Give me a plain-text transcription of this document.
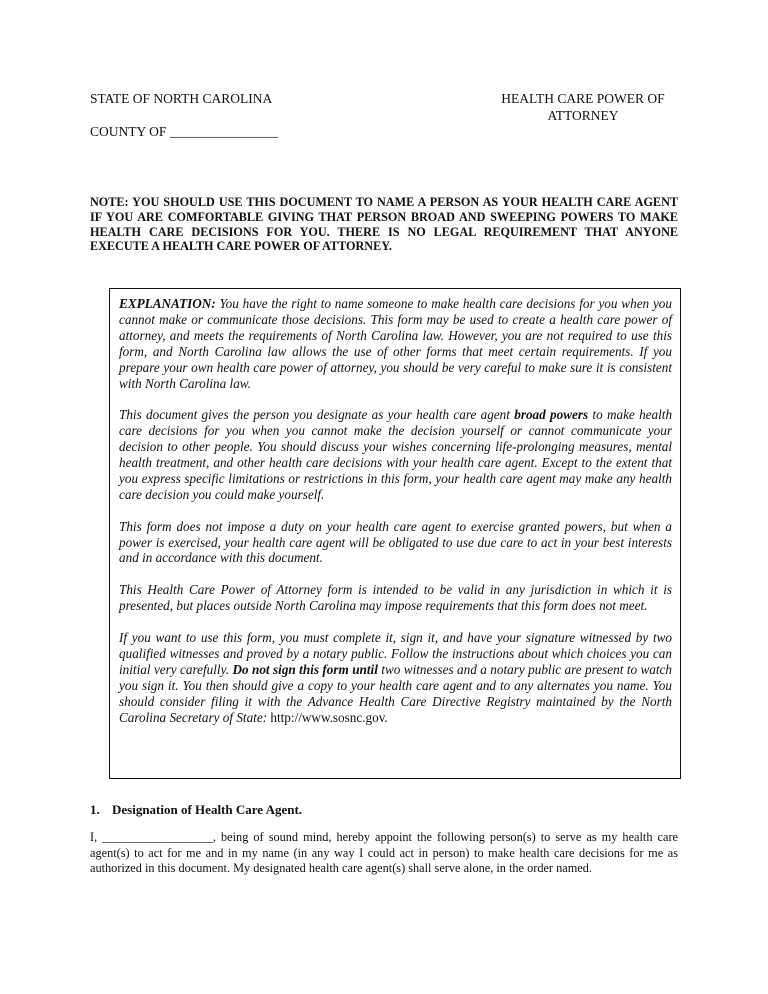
STATE OF NORTH CAROLINA	HEALTH CARE POWER OF
ATTORNEY
COUNTY OF ________________
NOTE: YOU SHOULD USE THIS DOCUMENT TO NAME A PERSON AS YOUR HEALTH CARE AGENT IF YOU ARE COMFORTABLE GIVING THAT PERSON BROAD AND SWEEPING POWERS TO MAKE HEALTH CARE DECISIONS FOR YOU. THERE IS NO LEGAL REQUIREMENT THAT ANYONE EXECUTE A HEALTH CARE POWER OF ATTORNEY.

EXPLANATION: You have the right to name someone to make health care decisions for you when you cannot make or communicate those decisions. This form may be used to create a health care power of attorney, and meets the requirements of North Carolina law. However, you are not required to use this form, and North Carolina law allows the use of other forms that meet certain requirements. If you prepare your own health care power of attorney, you should be very careful to make sure it is consistent with North Carolina law.

This document gives the person you designate as your health care agent broad powers to make health care decisions for you when you cannot make the decision yourself or cannot communicate your decision to other people. You should discuss your wishes concerning life-prolonging measures, mental health treatment, and other health care decisions with your health care agent. Except to the extent that you express specific limitations or restrictions in this form, your health care agent may make any health care decision you could make yourself.

This form does not impose a duty on your health care agent to exercise granted powers, but when a power is exercised, your health care agent will be obligated to use due care to act in your best interests and in accordance with this document.

This Health Care Power of Attorney form is intended to be valid in any jurisdiction in which it is presented, but places outside North Carolina may impose requirements that this form does not meet.

If you want to use this form, you must complete it, sign it, and have your signature witnessed by two qualified witnesses and proved by a notary public. Follow the instructions about which choices you can initial very carefully. Do not sign this form until two witnesses and a notary public are present to watch you sign it. You then should give a copy to your health care agent and to any alternates you name. You should consider filing it with the Advance Health Care Directive Registry maintained by the North Carolina Secretary of State: http://www.sosnc.gov.

1. Designation of Health Care Agent.
I, __________________, being of sound mind, hereby appoint the following person(s) to serve as my health care agent(s) to act for me and in my name (in any way I could act in person) to make health care decisions for me as authorized in this document. My designated health care agent(s) shall serve alone, in the order named.
